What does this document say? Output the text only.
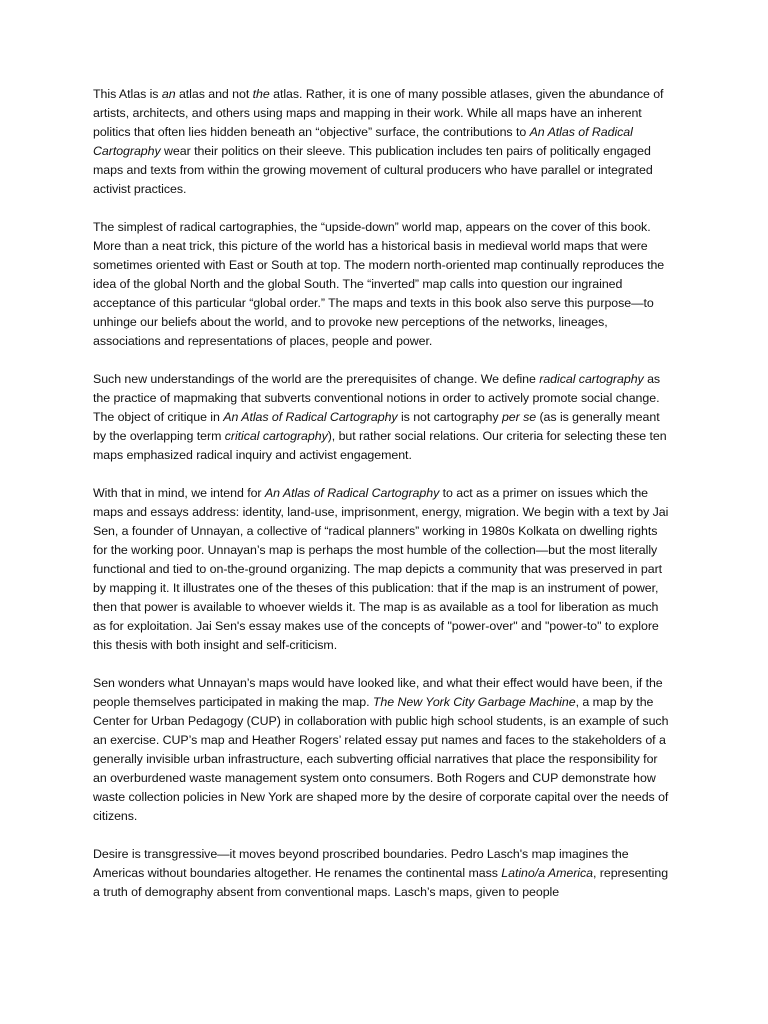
This Atlas is an atlas and not the atlas. Rather, it is one of many possible atlases, given the abundance of artists, architects, and others using maps and mapping in their work. While all maps have an inherent politics that often lies hidden beneath an “objective” surface, the contributions to An Atlas of Radical Cartography wear their politics on their sleeve. This publication includes ten pairs of politically engaged maps and texts from within the growing movement of cultural producers who have parallel or integrated activist practices.

The simplest of radical cartographies, the “upside-down” world map, appears on the cover of this book. More than a neat trick, this picture of the world has a historical basis in medieval world maps that were sometimes oriented with East or South at top. The modern north-oriented map continually reproduces the idea of the global North and the global South. The “inverted” map calls into question our ingrained acceptance of this particular “global order.” The maps and texts in this book also serve this purpose—to unhinge our beliefs about the world, and to provoke new perceptions of the networks, lineages, associations and representations of places, people and power.

Such new understandings of the world are the prerequisites of change. We define radical cartography as the practice of mapmaking that subverts conventional notions in order to actively promote social change. The object of critique in An Atlas of Radical Cartography is not cartography per se (as is generally meant by the overlapping term critical cartography), but rather social relations. Our criteria for selecting these ten maps emphasized radical inquiry and activist engagement.

With that in mind, we intend for An Atlas of Radical Cartography to act as a primer on issues which the maps and essays address: identity, land-use, imprisonment, energy, migration. We begin with a text by Jai Sen, a founder of Unnayan, a collective of “radical planners” working in 1980s Kolkata on dwelling rights for the working poor. Unnayan’s map is perhaps the most humble of the collection—but the most literally functional and tied to on-the-ground organizing. The map depicts a community that was preserved in part by mapping it. It illustrates one of the theses of this publication: that if the map is an instrument of power, then that power is available to whoever wields it. The map is as available as a tool for liberation as much as for exploitation. Jai Sen's essay makes use of the concepts of "power-over" and "power-to" to explore this thesis with both insight and self-criticism.

Sen wonders what Unnayan’s maps would have looked like, and what their effect would have been, if the people themselves participated in making the map. The New York City Garbage Machine, a map by the Center for Urban Pedagogy (CUP) in collaboration with public high school students, is an example of such an exercise. CUP’s map and Heather Rogers’ related essay put names and faces to the stakeholders of a generally invisible urban infrastructure, each subverting official narratives that place the responsibility for an overburdened waste management system onto consumers. Both Rogers and CUP demonstrate how waste collection policies in New York are shaped more by the desire of corporate capital over the needs of citizens.

Desire is transgressive—it moves beyond proscribed boundaries. Pedro Lasch's map imagines the Americas without boundaries altogether. He renames the continental mass Latino/a America, representing a truth of demography absent from conventional maps. Lasch’s maps, given to people
